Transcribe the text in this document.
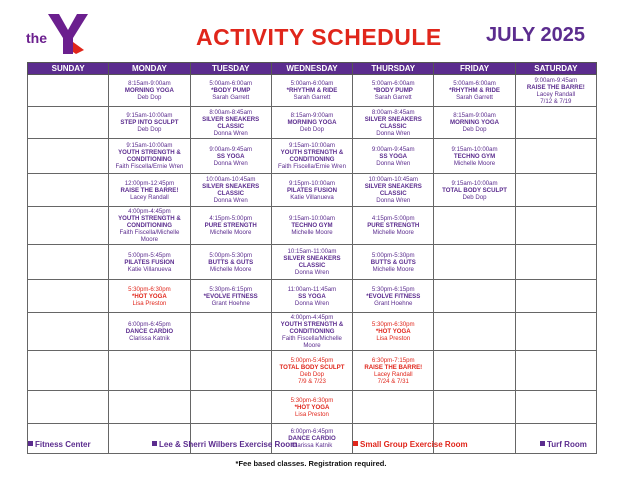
the	ACTIVITY SCHEDULE JULY 2025
SUNDAY	MONDAY	TUESDAY	WEDNESDAY	THURSDAY	FRIDAY	SATURDAY

	8:15am-9:00am
MORNING YOGA
Deb Dop	5:00am-6:00am
*BODY PUMP
Sarah Garrett	5:00am-6:00am
*RHYTHM & RIDE
Sarah Garrett	5:00am-6:00am
*BODY PUMP
Sarah Garrett	5:00am-6:00am
*RHYTHM & RIDE
Sarah Garrett	9:00am-9:45am
RAISE THE BARRE!
Lacey Randall
7/12 & 7/19

	9:15am-10:00am
STEP INTO SCULPT
Deb Dop	8:00am-8:45am
SILVER SNEAKERS
CLASSIC
Donna Wren	8:15am-9:00am
MORNING YOGA
Deb Dop	8:00am-8:45am
SILVER SNEAKERS
CLASSIC
Donna Wren	8:15am-9:00am
MORNING YOGA
Deb Dop	

	9:15am-10:00am
YOUTH STRENGTH &
CONDITIONING
Faith Fiscella/Ernie Wren	9:00am-9:45am
SS YOGA
Donna Wren	9:15am-10:00am
YOUTH STRENGTH &
CONDITIONING
Faith Fiscella/Ernie Wren	9:00am-9:45am
SS YOGA
Donna Wren	9:15am-10:00am
TECHNO GYM
Michelle Moore	

	12:00pm-12:45pm
RAISE THE BARRE!
Lacey Randall	10:00am-10:45am
SILVER SNEAKERS
CLASSIC
Donna Wren	9:15pm-10:00am
PILATES FUSION
Katie Villanueva	10:00am-10:45am
SILVER SNEAKERS
CLASSIC
Donna Wren	9:15am-10:00am
TOTAL BODY SCULPT
Deb Dop	

	4:00pm-4:45pm
YOUTH STRENGTH &
CONDITIONING
Faith Fiscella/Michelle Moore	4:15pm-5:00pm
PURE STRENGTH
Michelle Moore	9:15am-10:00am
TECHNO GYM
Michelle Moore	4:15pm-5:00pm
PURE STRENGTH
Michelle Moore		

	5:00pm-5:45pm
PILATES FUSION
Katie Villanueva	5:00pm-5:30pm
BUTTS & GUTS
Michelle Moore	10:15am-11:00am
SILVER SNEAKERS
CLASSIC
Donna Wren	5:00pm-5:30pm
BUTTS & GUTS
Michelle Moore		

	5:30pm-6:30pm
*HOT YOGA
Lisa Preston	5:30pm-6:15pm
*EVOLVE FITNESS
Grant Hoehne	11:00am-11:45am
SS YOGA
Donna Wren	5:30pm-6:15pm
*EVOLVE FITNESS
Grant Hoehne		

	6:00pm-6:45pm
DANCE CARDIO
Clarissa Katnik		4:00pm-4:45pm
YOUTH STRENGTH &
CONDITIONING
Faith Fiscella/Michelle Moore	5:30pm-6:30pm
*HOT YOGA
Lisa Preston		

			5:00pm-5:45pm
TOTAL BODY SCULPT
Deb Dop
7/9 & 7/23	6:30pm-7:15pm
RAISE THE BARRE!
Lacey Randall
7/24 & 7/31		

			5:30pm-6:30pm
*HOT YOGA
Lisa Preston			

			6:00pm-6:45pm
DANCE CARDIO
Clarissa Katnik			

Fitness Center	Lee & Sherri Wilbers Exercise Room	Small Group Exercise Room	Turf Room
*Fee based classes. Registration required.
